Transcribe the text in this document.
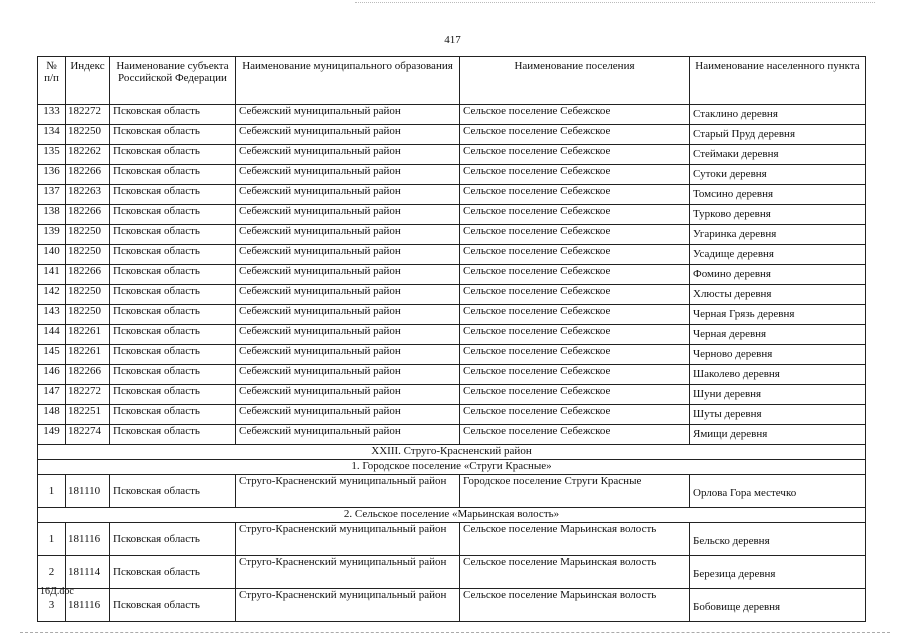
417
№ п/п	Индекс	Наименование субъекта Российской Федерации	Наименование муниципального образования	Наименование поселения	Наименование населенного пункта
133	182272	Псковская область	Себежский муниципальный район	Сельское поселение Себежское	Стаклино деревня
134	182250	Псковская область	Себежский муниципальный район	Сельское поселение Себежское	Старый Пруд деревня
135	182262	Псковская область	Себежский муниципальный район	Сельское поселение Себежское	Стеймаки деревня
136	182266	Псковская область	Себежский муниципальный район	Сельское поселение Себежское	Сутоки деревня
137	182263	Псковская область	Себежский муниципальный район	Сельское поселение Себежское	Томсино деревня
138	182266	Псковская область	Себежский муниципальный район	Сельское поселение Себежское	Турково деревня
139	182250	Псковская область	Себежский муниципальный район	Сельское поселение Себежское	Угаринка деревня
140	182250	Псковская область	Себежский муниципальный район	Сельское поселение Себежское	Усадище деревня
141	182266	Псковская область	Себежский муниципальный район	Сельское поселение Себежское	Фомино деревня
142	182250	Псковская область	Себежский муниципальный район	Сельское поселение Себежское	Хлюсты деревня
143	182250	Псковская область	Себежский муниципальный район	Сельское поселение Себежское	Черная Грязь деревня
144	182261	Псковская область	Себежский муниципальный район	Сельское поселение Себежское	Черная деревня
145	182261	Псковская область	Себежский муниципальный район	Сельское поселение Себежское	Черново деревня
146	182266	Псковская область	Себежский муниципальный район	Сельское поселение Себежское	Шаколево деревня
147	182272	Псковская область	Себежский муниципальный район	Сельское поселение Себежское	Шуни деревня
148	182251	Псковская область	Себежский муниципальный район	Сельское поселение Себежское	Шуты деревня
149	182274	Псковская область	Себежский муниципальный район	Сельское поселение Себежское	Ямищи деревня
XXIII. Струго-Красненский район					
1. Городское поселение «Струги Красные»					
1	181110	Псковская область	Струго-Красненский муниципальный район	Городское поселение Струги Красные	Орлова Гора местечко
2. Сельское поселение «Марьинская волость»					
1	181116	Псковская область	Струго-Красненский муниципальный район	Сельское поселение Марьинская волость	Бельско деревня
2	181114	Псковская область	Струго-Красненский муниципальный район	Сельское поселение Марьинская волость	Березица деревня
3	181116	Псковская область	Струго-Красненский муниципальный район	Сельское поселение Марьинская волость	Бобовище деревня
16Д.doc
